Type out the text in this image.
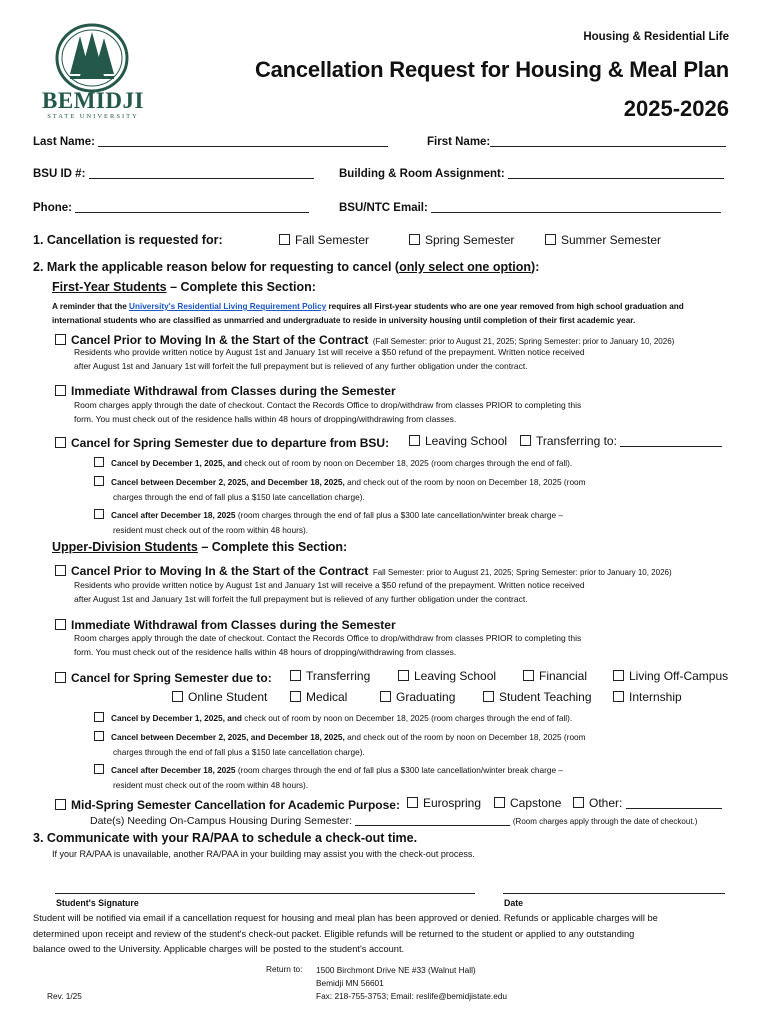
BEMIDJI
STATE UNIVERSITY
Housing & Residential Life
Cancellation Request for Housing & Meal Plan
2025-2026
Last Name:	First Name:
BSU ID #:	Building & Room Assignment:
Phone:	BSU/NTC Email:
1. Cancellation is requested for:	Fall Semester	Spring Semester	Summer Semester
2. Mark the applicable reason below for requesting to cancel (only select one option):
First-Year Students – Complete this Section:
A reminder that the University's Residential Living Requirement Policy requires all First-year students who are one year removed from high school graduation and
international students who are classified as unmarried and undergraduate to reside in university housing until completion of their first academic year.
Cancel Prior to Moving In & the Start of the Contract (Fall Semester: prior to August 21, 2025; Spring Semester: prior to January 10, 2026)
Residents who provide written notice by August 1st and January 1st will receive a $50 refund of the prepayment. Written notice received
after August 1st and January 1st will forfeit the full prepayment but is relieved of any further obligation under the contract.
Immediate Withdrawal from Classes during the Semester
Room charges apply through the date of checkout. Contact the Records Office to drop/withdraw from classes PRIOR to completing this
form. You must check out of the residence halls within 48 hours of dropping/withdrawing from classes.
Cancel for Spring Semester due to departure from BSU:	Leaving School	Transferring to:
Cancel by December 1, 2025, and check out of room by noon on December 18, 2025 (room charges through the end of fall).
Cancel between December 2, 2025, and December 18, 2025, and check out of the room by noon on December 18, 2025 (room
charges through the end of fall plus a $150 late cancellation charge).
Cancel after December 18, 2025 (room charges through the end of fall plus a $300 late cancellation/winter break charge –
resident must check out of the room within 48 hours).
Upper-Division Students – Complete this Section:
Cancel Prior to Moving In & the Start of the Contract Fall Semester: prior to August 21, 2025; Spring Semester: prior to January 10, 2026)
Residents who provide written notice by August 1st and January 1st will receive a $50 refund of the prepayment. Written notice received
after August 1st and January 1st will forfeit the full prepayment but is relieved of any further obligation under the contract.
Immediate Withdrawal from Classes during the Semester
Room charges apply through the date of checkout. Contact the Records Office to drop/withdraw from classes PRIOR to completing this
form. You must check out of the residence halls within 48 hours of dropping/withdrawing from classes.
Cancel for Spring Semester due to:	Transferring	Leaving School	Financial	Living Off-Campus
Online Student	Medical	Graduating	Student Teaching	Internship
Cancel by December 1, 2025, and check out of room by noon on December 18, 2025 (room charges through the end of fall).
Cancel between December 2, 2025, and December 18, 2025, and check out of the room by noon on December 18, 2025 (room
charges through the end of fall plus a $150 late cancellation charge).
Cancel after December 18, 2025 (room charges through the end of fall plus a $300 late cancellation/winter break charge –
resident must check out of the room within 48 hours).
Mid-Spring Semester Cancellation for Academic Purpose:	Eurospring	Capstone	Other:
Date(s) Needing On-Campus Housing During Semester:	(Room charges apply through the date of checkout.)
3. Communicate with your RA/PAA to schedule a check-out time.
If your RA/PAA is unavailable, another RA/PAA in your building may assist you with the check-out process.
Student's Signature	Date
Student will be notified via email if a cancellation request for housing and meal plan has been approved or denied. Refunds or applicable charges will be
determined upon receipt and review of the student's check-out packet. Eligible refunds will be returned to the student or applied to any outstanding
balance owed to the University. Applicable charges will be posted to the student's account.
Return to: 1500 Birchmont Drive NE #33 (Walnut Hall)
Bemidji MN 56601
Fax: 218-755-3753; Email: reslife@bemidjistate.edu
Rev. 1/25
